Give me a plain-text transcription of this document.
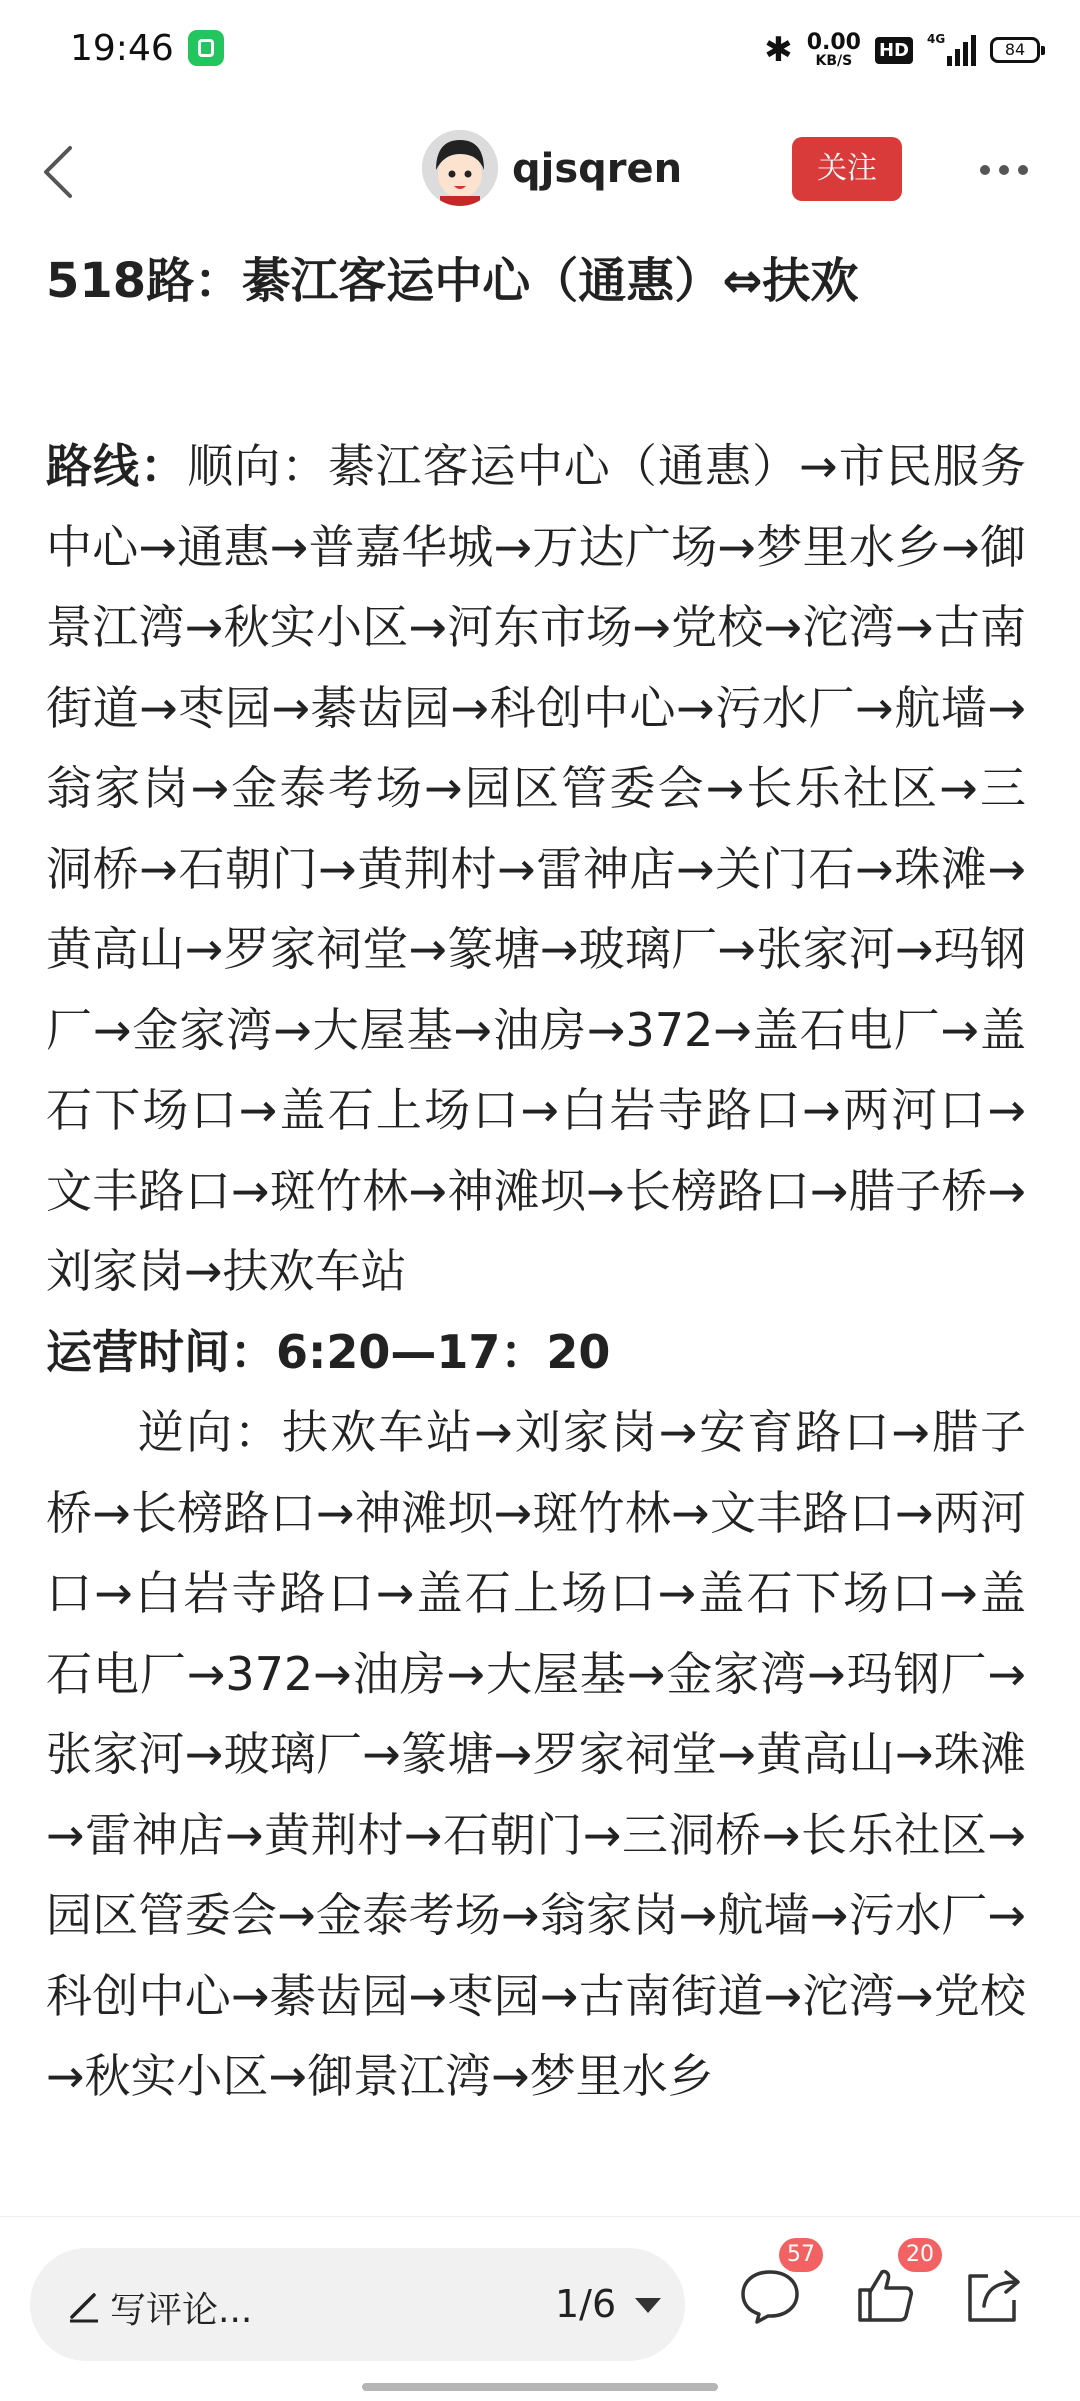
19:46	✱ 0.00
KB/S
HD
4G
84
qjsqren	关注

518路：綦江客运中心（通惠）⇔扶欢

路线：顺向：綦江客运中心（通惠）→市民服务中心→通惠→普嘉华城→万达广场→梦里水乡→御景江湾→秋实小区→河东市场→党校→沱湾→古南街道→枣园→綦齿园→科创中心→污水厂→航墙→翁家岗→金泰考场→园区管委会→长乐社区→三洞桥→石朝门→黄荆村→雷神店→关门石→珠滩→黄高山→罗家祠堂→篆塘→玻璃厂→张家河→玛钢厂→金家湾→大屋基→油房→372→盖石电厂→盖石下场口→盖石上场口→白岩寺路口→两河口→文丰路口→斑竹林→神滩坝→长榜路口→腊子桥→刘家岗→扶欢车站

运营时间：6:20—17：20

逆向：扶欢车站→刘家岗→安育路口→腊子桥→长榜路口→神滩坝→斑竹林→文丰路口→两河口→白岩寺路口→盖石上场口→盖石下场口→盖石电厂→372→油房→大屋基→金家湾→玛钢厂→张家河→玻璃厂→篆塘→罗家祠堂→黄高山→珠滩→雷神店→黄荆村→石朝门→三洞桥→长乐社区→园区管委会→金泰考场→翁家岗→航墙→污水厂→科创中心→綦齿园→枣园→古南街道→沱湾→党校→秋实小区→御景江湾→梦里水乡

写评论...	1/6
57	20
